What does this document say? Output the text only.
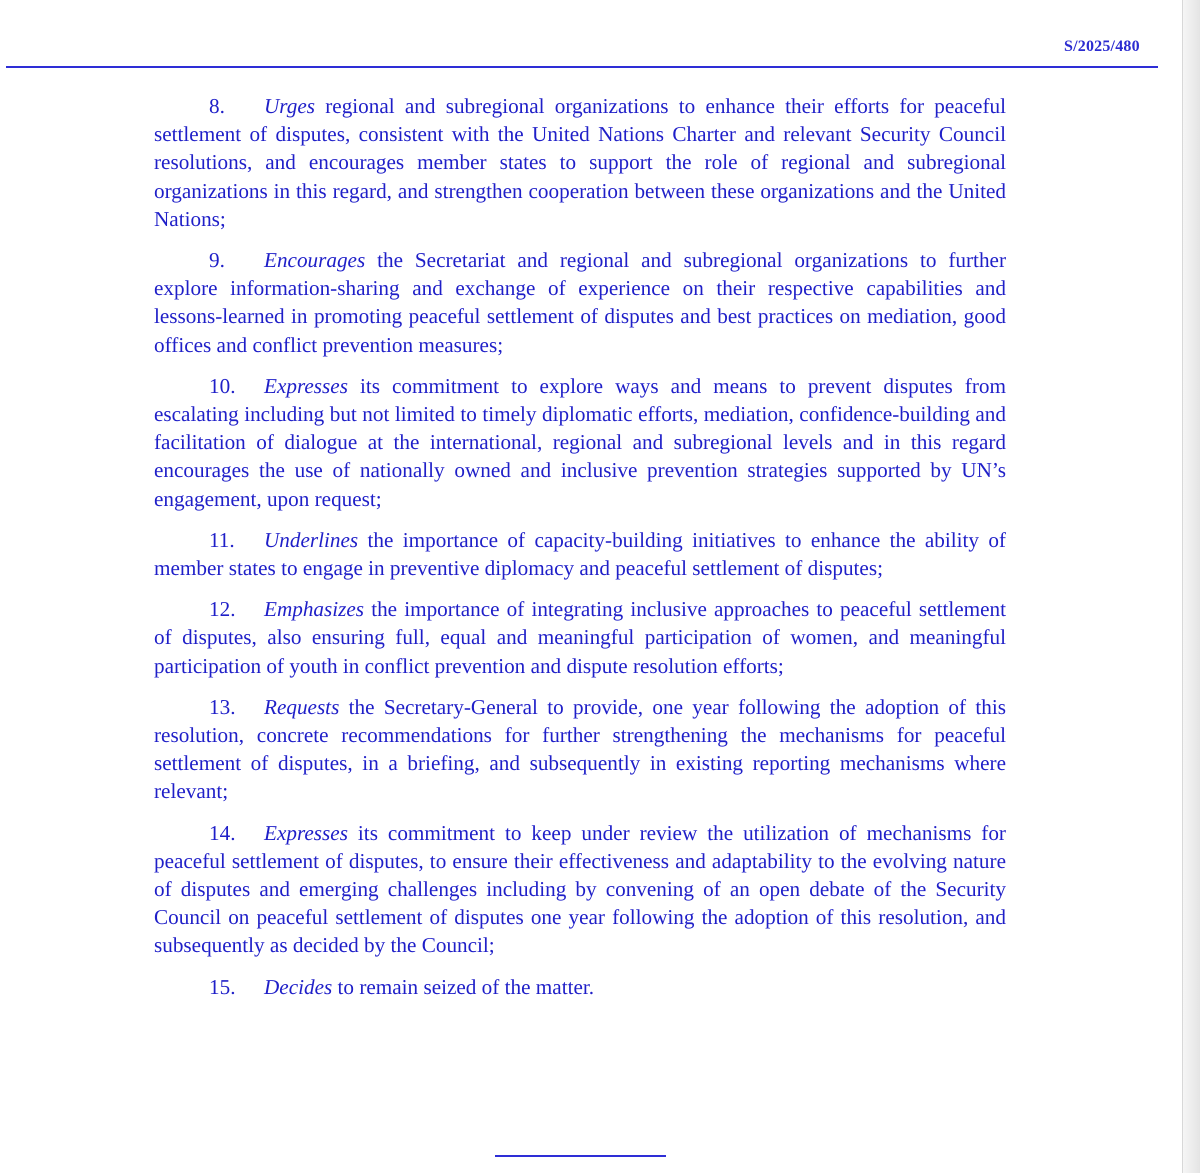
S/2025/480

8. Urges regional and subregional organizations to enhance their efforts for peaceful settlement of disputes, consistent with the United Nations Charter and relevant Security Council resolutions, and encourages member states to support the role of regional and subregional organizations in this regard, and strengthen cooperation between these organizations and the United Nations;

9. Encourages the Secretariat and regional and subregional organizations to further explore information-sharing and exchange of experience on their respective capabilities and lessons-learned in promoting peaceful settlement of disputes and best practices on mediation, good offices and conflict prevention measures;

10. Expresses its commitment to explore ways and means to prevent disputes from escalating including but not limited to timely diplomatic efforts, mediation, confidence-building and facilitation of dialogue at the international, regional and subregional levels and in this regard encourages the use of nationally owned and inclusive prevention strategies supported by UN’s engagement, upon request;

11. Underlines the importance of capacity-building initiatives to enhance the ability of member states to engage in preventive diplomacy and peaceful settlement of disputes;

12. Emphasizes the importance of integrating inclusive approaches to peaceful settlement of disputes, also ensuring full, equal and meaningful participation of women, and meaningful participation of youth in conflict prevention and dispute resolution efforts;

13. Requests the Secretary-General to provide, one year following the adoption of this resolution, concrete recommendations for further strengthening the mechanisms for peaceful settlement of disputes, in a briefing, and subsequently in existing reporting mechanisms where relevant;

14. Expresses its commitment to keep under review the utilization of mechanisms for peaceful settlement of disputes, to ensure their effectiveness and adaptability to the evolving nature of disputes and emerging challenges including by convening of an open debate of the Security Council on peaceful settlement of disputes one year following the adoption of this resolution, and subsequently as decided by the Council;

15. Decides to remain seized of the matter.
